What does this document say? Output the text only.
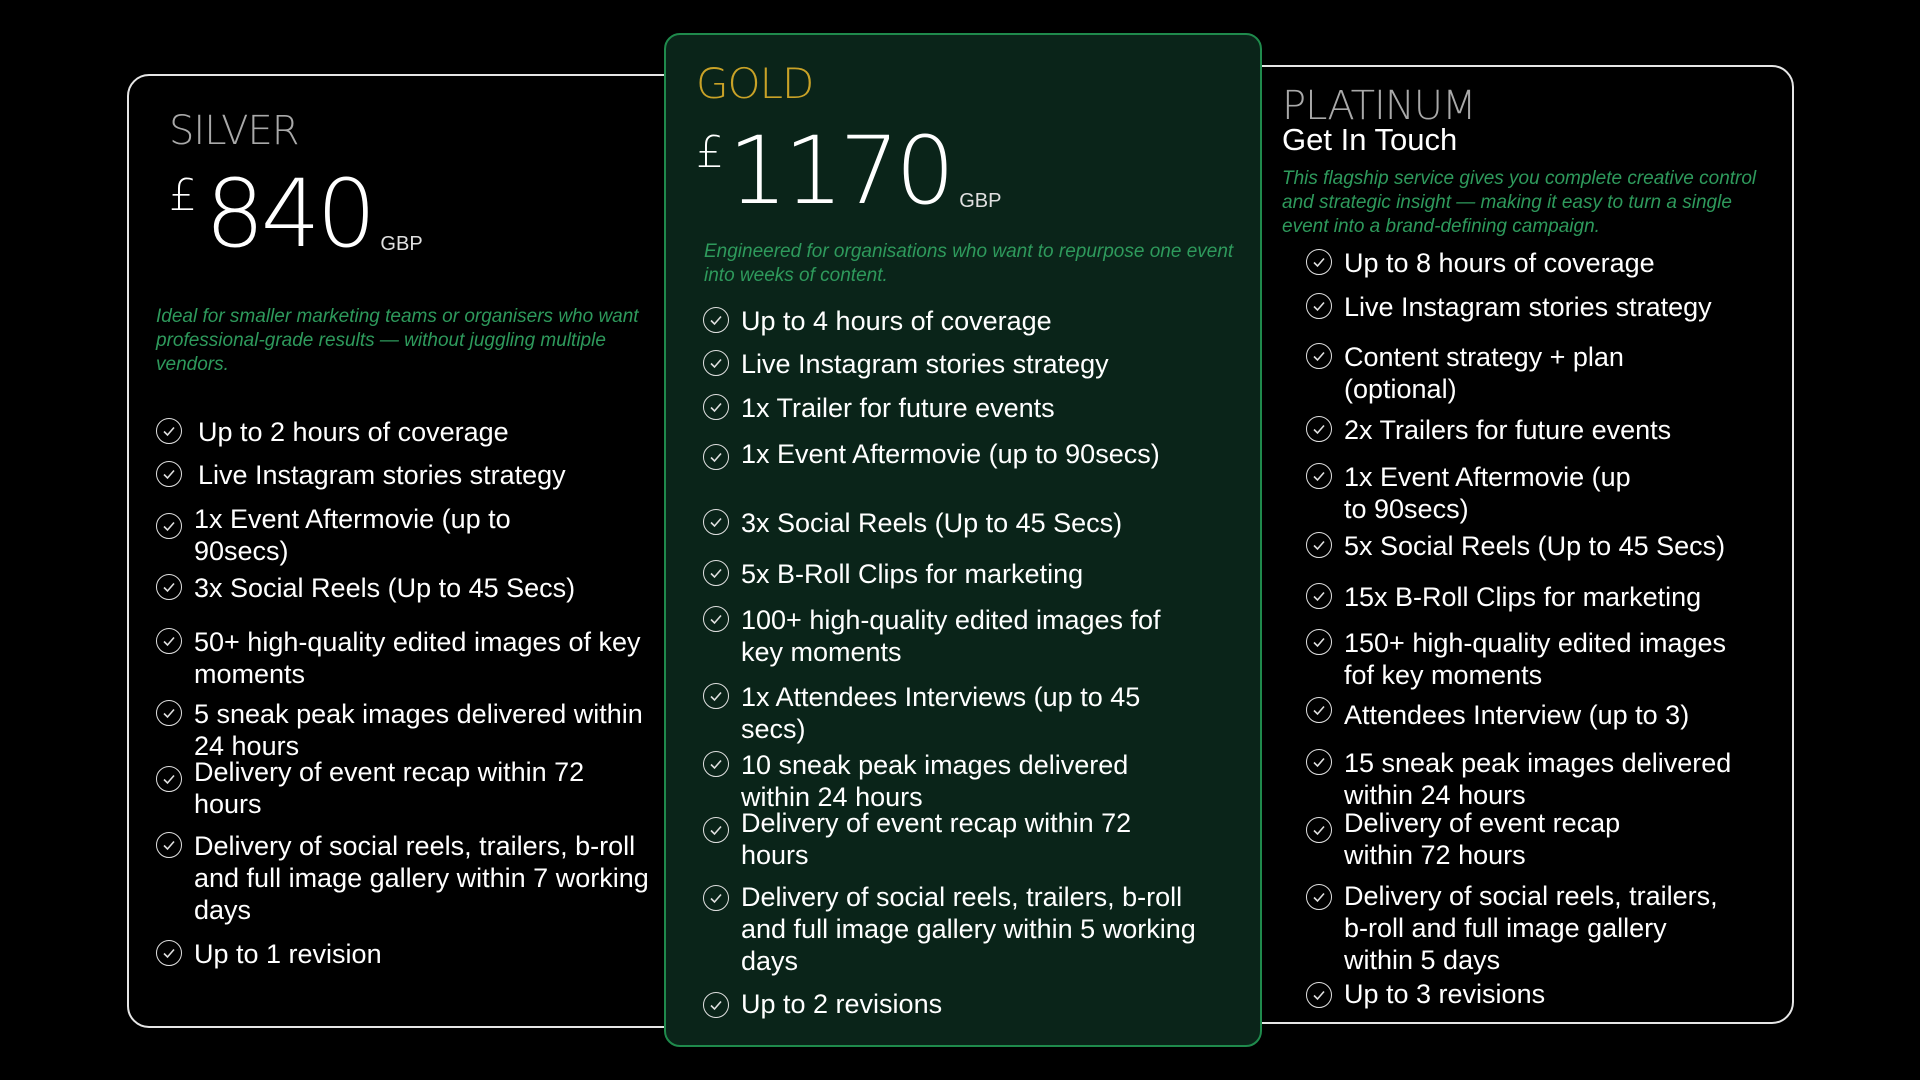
SILVER
£ 840 GBP
Ideal for smaller marketing teams or organisers who want professional-grade results — without juggling multiple vendors.
Up to 2 hours of coverage
Live Instagram stories strategy
1x Event Aftermovie (up to 90secs)
3x Social Reels (Up to 45 Secs)
50+ high-quality edited images of key moments
5 sneak peak images delivered within 24 hours
Delivery of event recap within 72 hours
Delivery of social reels, trailers, b-roll and full image gallery within 7 working days
Up to 1 revision
PLATINUM
Get In Touch
This flagship service gives you complete creative control and strategic insight — making it easy to turn a single event into a brand-defining campaign.
Up to 8 hours of coverage
Live Instagram stories strategy
Content strategy + plan (optional)
2x Trailers for future events
1x Event Aftermovie (up to 90secs)
5x Social Reels (Up to 45 Secs)
15x B-Roll Clips for marketing
150+ high-quality edited images fof key moments
Attendees Interview (up to 3)
15 sneak peak images delivered within 24 hours
Delivery of event recap within 72 hours
Delivery of social reels, trailers, b-roll and full image gallery within 5 days
Up to 3 revisions
GOLD
£ 1170 GBP
Engineered for organisations who want to repurpose one event into weeks of content.
Up to 4 hours of coverage
Live Instagram stories strategy
1x Trailer for future events
1x Event Aftermovie (up to 90secs)
3x Social Reels (Up to 45 Secs)
5x B-Roll Clips for marketing
100+ high-quality edited images fof key moments
1x Attendees Interviews (up to 45 secs)
10 sneak peak images delivered within 24 hours
Delivery of event recap within 72 hours
Delivery of social reels, trailers, b-roll and full image gallery within 5 working days
Up to 2 revisions
